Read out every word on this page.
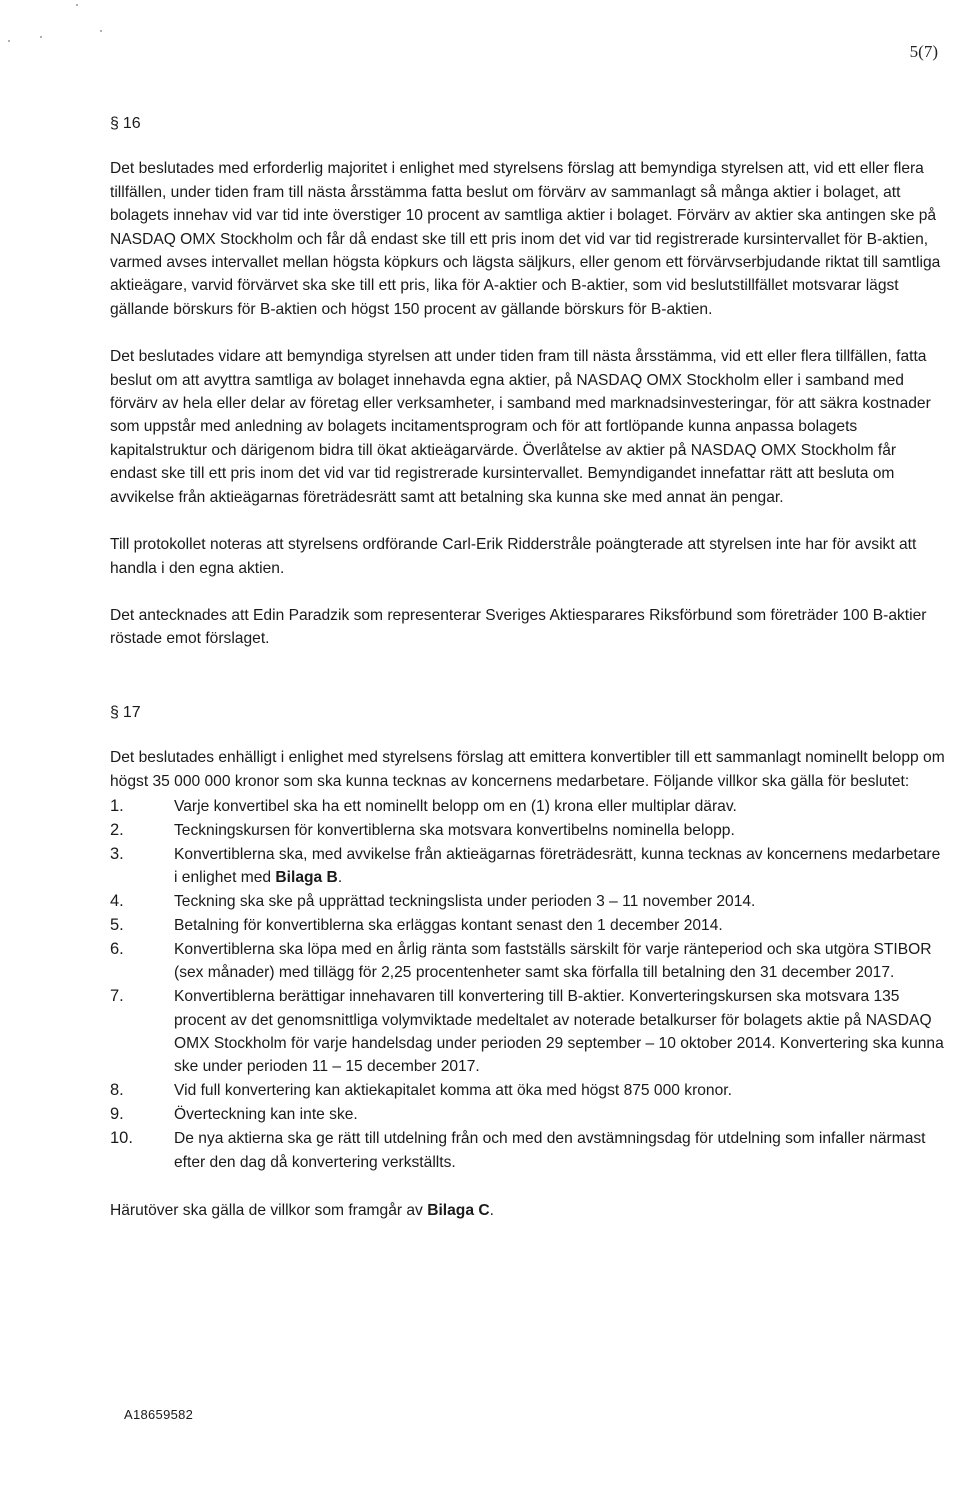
5(7)
§ 16

Det beslutades med erforderlig majoritet i enlighet med styrelsens förslag att bemyndiga styrelsen att, vid ett eller flera tillfällen, under tiden fram till nästa årsstämma fatta beslut om förvärv av sammanlagt så många aktier i bolaget, att bolagets innehav vid var tid inte överstiger 10 procent av samtliga aktier i bolaget. Förvärv av aktier ska antingen ske på NASDAQ OMX Stockholm och får då endast ske till ett pris inom det vid var tid registrerade kursintervallet för B-aktien, varmed avses intervallet mellan högsta köpkurs och lägsta säljkurs, eller genom ett förvärvserbjudande riktat till samtliga aktieägare, varvid förvärvet ska ske till ett pris, lika för A-aktier och B-aktier, som vid beslutstillfället motsvarar lägst gällande börskurs för B-aktien och högst 150 procent av gällande börskurs för B-aktien.

Det beslutades vidare att bemyndiga styrelsen att under tiden fram till nästa årsstämma, vid ett eller flera tillfällen, fatta beslut om att avyttra samtliga av bolaget innehavda egna aktier, på NASDAQ OMX Stockholm eller i samband med förvärv av hela eller delar av företag eller verksamheter, i samband med marknadsinvesteringar, för att säkra kostnader som uppstår med anledning av bolagets incitamentsprogram och för att fortlöpande kunna anpassa bolagets kapitalstruktur och därigenom bidra till ökat aktieägarvärde. Överlåtelse av aktier på NASDAQ OMX Stockholm får endast ske till ett pris inom det vid var tid registrerade kursintervallet. Bemyndigandet innefattar rätt att besluta om avvikelse från aktieägarnas företrädesrätt samt att betalning ska kunna ske med annat än pengar.

Till protokollet noteras att styrelsens ordförande Carl-Erik Ridderstråle poängterade att styrelsen inte har för avsikt att handla i den egna aktien.

Det antecknades att Edin Paradzik som representerar Sveriges Aktiesparares Riksförbund som företräder 100 B-aktier röstade emot förslaget.

§ 17

Det beslutades enhälligt i enlighet med styrelsens förslag att emittera konvertibler till ett sammanlagt nominellt belopp om högst 35 000 000 kronor som ska kunna tecknas av koncernens medarbetare. Följande villkor ska gälla för beslutet:

1.	Varje konvertibel ska ha ett nominellt belopp om en (1) krona eller multiplar därav.
2.	Teckningskursen för konvertiblerna ska motsvara konvertibelns nominella belopp.
3.	Konvertiblerna ska, med avvikelse från aktieägarnas företrädesrätt, kunna tecknas av koncernens medarbetare i enlighet med Bilaga B.
4.	Teckning ska ske på upprättad teckningslista under perioden 3 – 11 november 2014.
5.	Betalning för konvertiblerna ska erläggas kontant senast den 1 december 2014.
6.	Konvertiblerna ska löpa med en årlig ränta som fastställs särskilt för varje ränteperiod och ska utgöra STIBOR (sex månader) med tillägg för 2,25 procentenheter samt ska förfalla till betalning den 31 december 2017.
7.	Konvertiblerna berättigar innehavaren till konvertering till B-aktier. Konverteringskursen ska motsvara 135 procent av det genomsnittliga volymviktade medeltalet av noterade betalkurser för bolagets aktie på NASDAQ OMX Stockholm för varje handelsdag under perioden 29 september – 10 oktober 2014. Konvertering ska kunna ske under perioden 11 – 15 december 2017.
8.	Vid full konvertering kan aktiekapitalet komma att öka med högst 875 000 kronor.
9.	Överteckning kan inte ske.
10.	De nya aktierna ska ge rätt till utdelning från och med den avstämningsdag för utdelning som infaller närmast efter den dag då konvertering verkställts.

Härutöver ska gälla de villkor som framgår av Bilaga C.

A18659582
